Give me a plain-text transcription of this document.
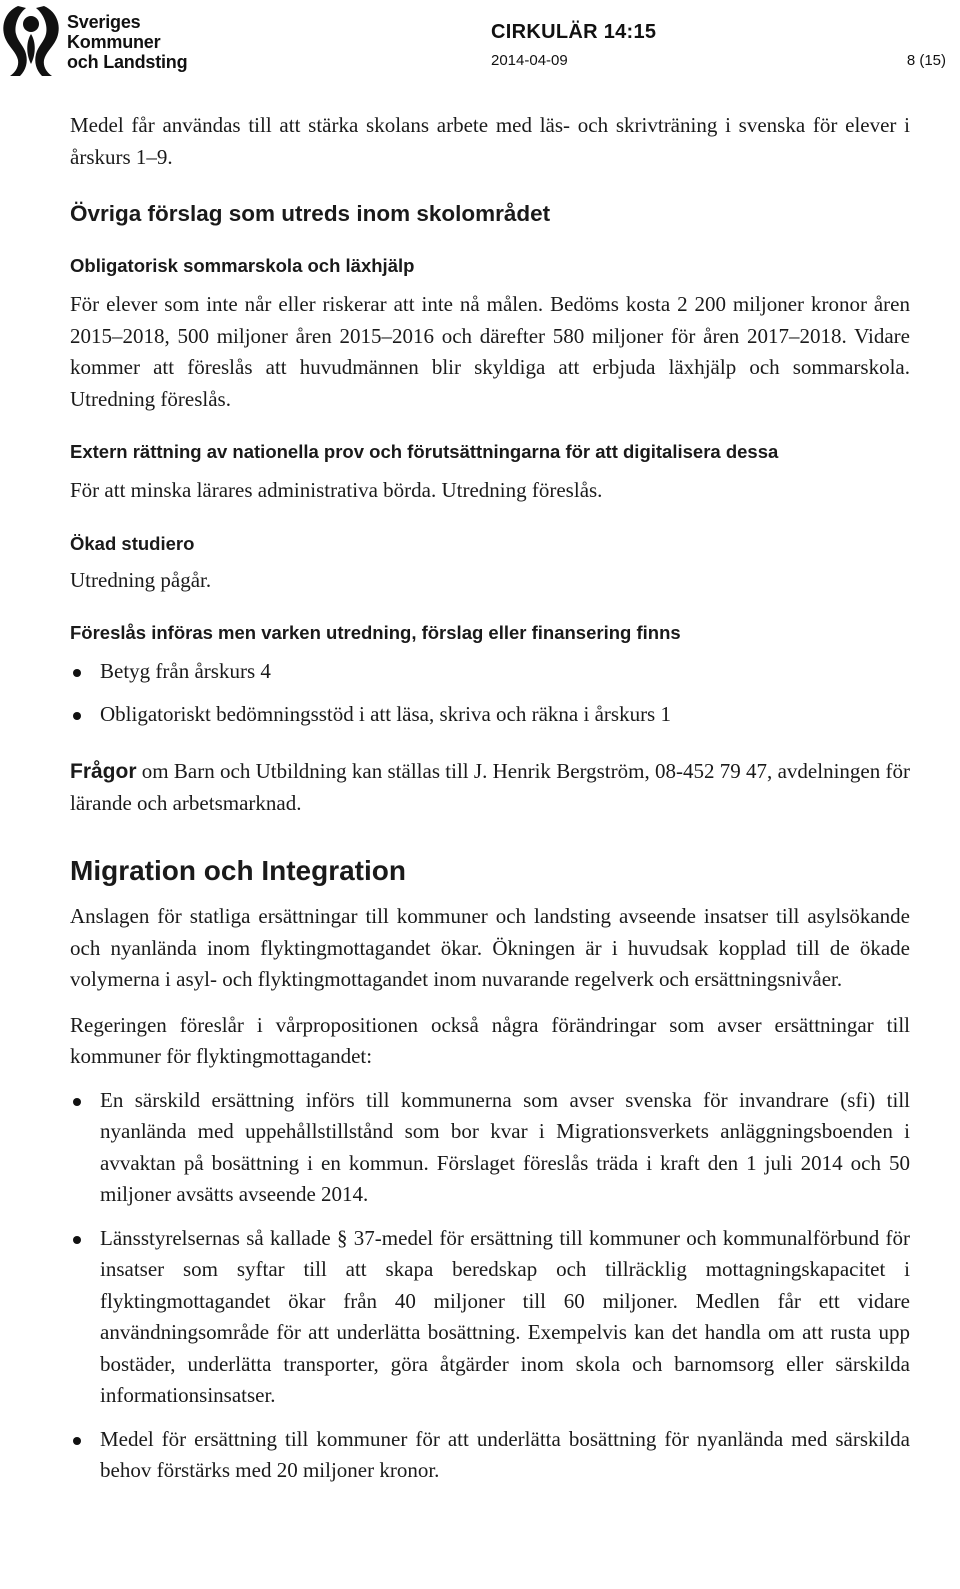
Sveriges
Kommuner
och Landsting
CIRKULÄR 14:15
2014-04-09	8 (15)

Medel får användas till att stärka skolans arbete med läs- och skrivträning i svenska för elever i årskurs 1–9.

Övriga förslag som utreds inom skolområdet
Obligatorisk sommarskola och läxhjälp

För elever som inte når eller riskerar att inte nå målen. Bedöms kosta 2 200 miljoner kronor åren 2015–2018, 500 miljoner åren 2015–2016 och därefter 580 miljoner för åren 2017–2018. Vidare kommer att föreslås att huvudmännen blir skyldiga att erbjuda läxhjälp och sommarskola. Utredning föreslås.

Extern rättning av nationella prov och förutsättningarna för att digitalisera dessa

För att minska lärares administrativa börda. Utredning föreslås.

Ökad studiero

Utredning pågår.

Föreslås införas men varken utredning, förslag eller finansering finns

Betyg från årskurs 4

Obligatoriskt bedömningsstöd i att läsa, skriva och räkna i årskurs 1

Frågor om Barn och Utbildning kan ställas till J. Henrik Bergström, 08-452 79 47, avdelningen för lärande och arbetsmarknad.

Migration och Integration

Anslagen för statliga ersättningar till kommuner och landsting avseende insatser till asylsökande och nyanlända inom flyktingmottagandet ökar. Ökningen är i huvudsak kopplad till de ökade volymerna i asyl- och flyktingmottagandet inom nuvarande regelverk och ersättningsnivåer.

Regeringen föreslår i vårpropositionen också några förändringar som avser ersättningar till kommuner för flyktingmottagandet:

En särskild ersättning införs till kommunerna som avser svenska för invandrare (sfi) till nyanlända med uppehållstillstånd som bor kvar i Migrationsverkets anläggningsboenden i avvaktan på bosättning i en kommun. Förslaget föreslås träda i kraft den 1 juli 2014 och 50 miljoner avsätts avseende 2014.

Länsstyrelsernas så kallade § 37-medel för ersättning till kommuner och kommunalförbund för insatser som syftar till att skapa beredskap och tillräcklig mottagningskapacitet i flyktingmottagandet ökar från 40 miljoner till 60 miljoner. Medlen får ett vidare användningsområde för att underlätta bosättning. Exempelvis kan det handla om att rusta upp bostäder, underlätta transporter, göra åtgärder inom skola och barnomsorg eller särskilda informationsinsatser.

Medel för ersättning till kommuner för att underlätta bosättning för nyanlända med särskilda behov förstärks med 20 miljoner kronor.
